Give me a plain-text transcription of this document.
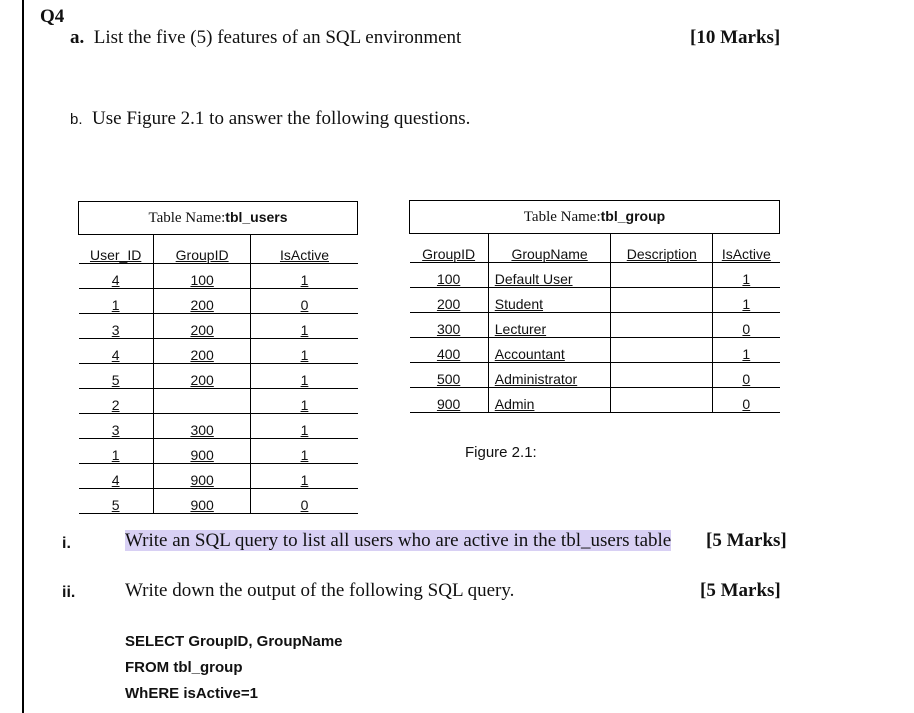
Q4
a. List the five (5) features of an SQL environment	[10 Marks]
b. Use Figure 2.1 to answer the following questions.
Table Name:tbl_users		
User_ID	GroupID	IsActive
4	100	1
1	200	0
3	200	1
4	200	1
5	200	1
2		1
3	300	1
1	900	1
4	900	1
5	900	0
Table Name:tbl_group			
GroupID	GroupName	Description	IsActive
100	Default User		1
200	Student		1
300	Lecturer		0
400	Accountant		1
500	Administrator		0
900	Admin		0
Figure 2.1:
i.	Write an SQL query to list all users who are active in the tbl_users table [5 Marks]
ii.	Write down the output of the following SQL query.	[5 Marks]
SELECT GroupID, GroupName
FROM tbl_group
WhERE isActive=1
